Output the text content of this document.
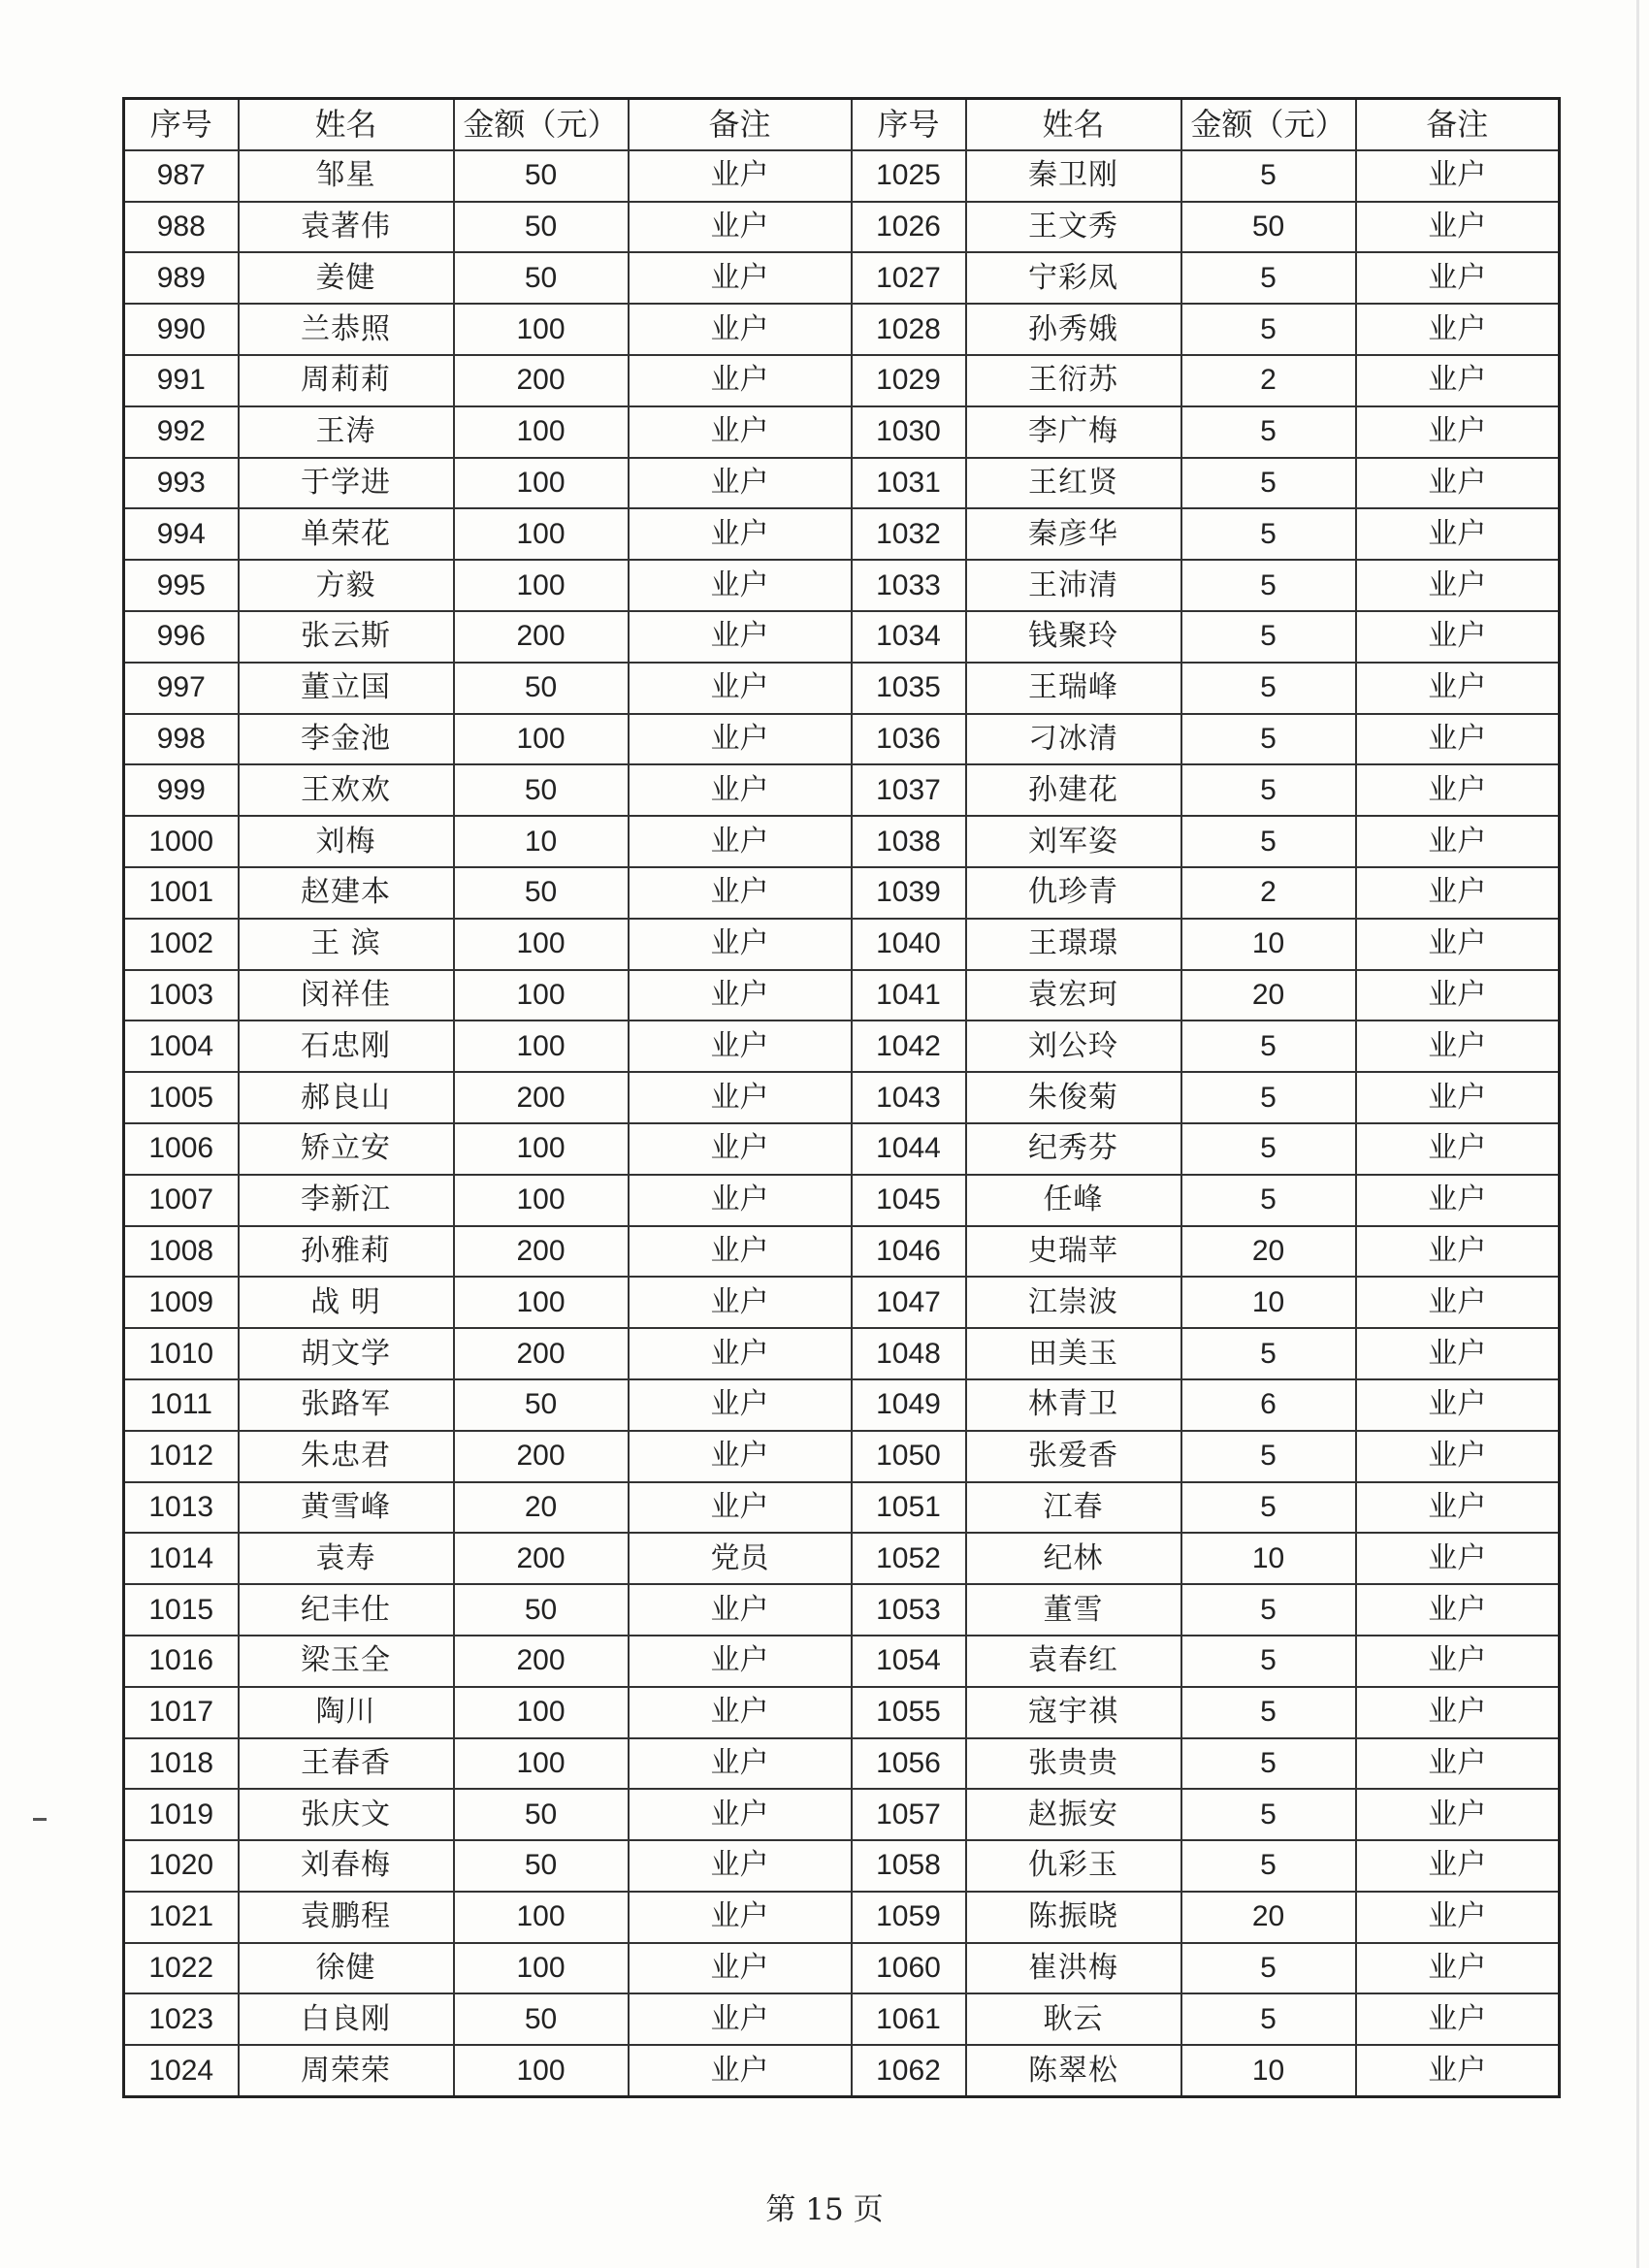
序号	姓名	金额（元）	备注	序号	姓名	金额（元）	备注
987	邹星	50	业户	1025	秦卫刚	5	业户
988	袁著伟	50	业户	1026	王文秀	50	业户
989	姜健	50	业户	1027	宁彩凤	5	业户
990	兰恭照	100	业户	1028	孙秀娥	5	业户
991	周莉莉	200	业户	1029	王衍苏	2	业户
992	王涛	100	业户	1030	李广梅	5	业户
993	于学进	100	业户	1031	王红贤	5	业户
994	单荣花	100	业户	1032	秦彦华	5	业户
995	方毅	100	业户	1033	王沛清	5	业户
996	张云斯	200	业户	1034	钱聚玲	5	业户
997	董立国	50	业户	1035	王瑞峰	5	业户
998	李金池	100	业户	1036	刁冰清	5	业户
999	王欢欢	50	业户	1037	孙建花	5	业户
1000	刘梅	10	业户	1038	刘军姿	5	业户
1001	赵建本	50	业户	1039	仇珍青	2	业户
1002	王 滨	100	业户	1040	王璟璟	10	业户
1003	闵祥佳	100	业户	1041	袁宏珂	20	业户
1004	石忠刚	100	业户	1042	刘公玲	5	业户
1005	郝良山	200	业户	1043	朱俊菊	5	业户
1006	矫立安	100	业户	1044	纪秀芬	5	业户
1007	李新江	100	业户	1045	任峰	5	业户
1008	孙雅莉	200	业户	1046	史瑞苹	20	业户
1009	战 明	100	业户	1047	江崇波	10	业户
1010	胡文学	200	业户	1048	田美玉	5	业户
1011	张路军	50	业户	1049	林青卫	6	业户
1012	朱忠君	200	业户	1050	张爱香	5	业户
1013	黄雪峰	20	业户	1051	江春	5	业户
1014	袁寿	200	党员	1052	纪林	10	业户
1015	纪丰仕	50	业户	1053	董雪	5	业户
1016	梁玉全	200	业户	1054	袁春红	5	业户
1017	陶川	100	业户	1055	寇宇祺	5	业户
1018	王春香	100	业户	1056	张贵贵	5	业户
1019	张庆文	50	业户	1057	赵振安	5	业户
1020	刘春梅	50	业户	1058	仇彩玉	5	业户
1021	袁鹏程	100	业户	1059	陈振晓	20	业户
1022	徐健	100	业户	1060	崔洪梅	5	业户
1023	白良刚	50	业户	1061	耿云	5	业户
1024	周荣荣	100	业户	1062	陈翠松	10	业户
第 15 页
